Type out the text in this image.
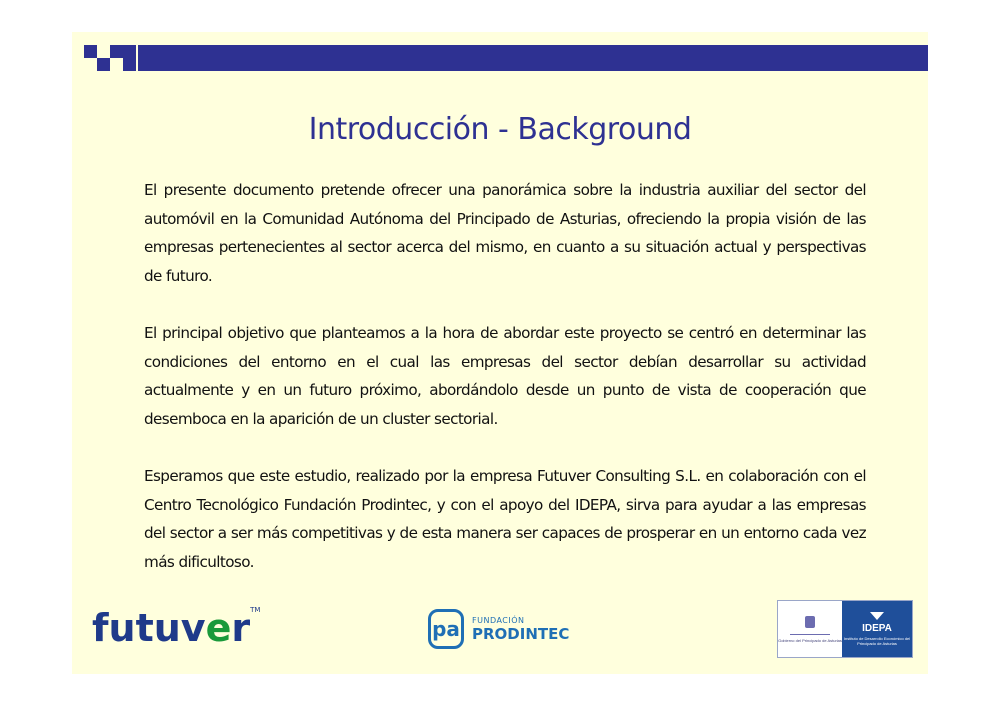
Introducción - Background

El presente documento pretende ofrecer una panorámica sobre la industria auxiliar del sector del automóvil en la Comunidad Autónoma del Principado de Asturias, ofreciendo la propia visión de las empresas pertenecientes al sector acerca del mismo, en cuanto a su situación actual y perspectivas de futuro.

El principal objetivo que planteamos a la hora de abordar este proyecto se centró en determinar las condiciones del entorno en el cual las empresas del sector debían desarrollar su actividad actualmente y en un futuro próximo, abordándolo desde un punto de vista de cooperación que desemboca en la aparición de un cluster sectorial.

Esperamos que este estudio, realizado por la empresa Futuver Consulting S.L. en colaboración con el Centro Tecnológico Fundación Prodintec, y con el apoyo del IDEPA, sirva para ayudar a las empresas del sector a ser más competitivas y de esta manera ser capaces de prosperar en un entorno cada vez más dificultoso.

futuver™
pa	FUNDACIÓN
PRODINTEC	Gobierno del Principado de Asturias
IDEPA
Instituto de Desarrollo Económico del Principado de Asturias
